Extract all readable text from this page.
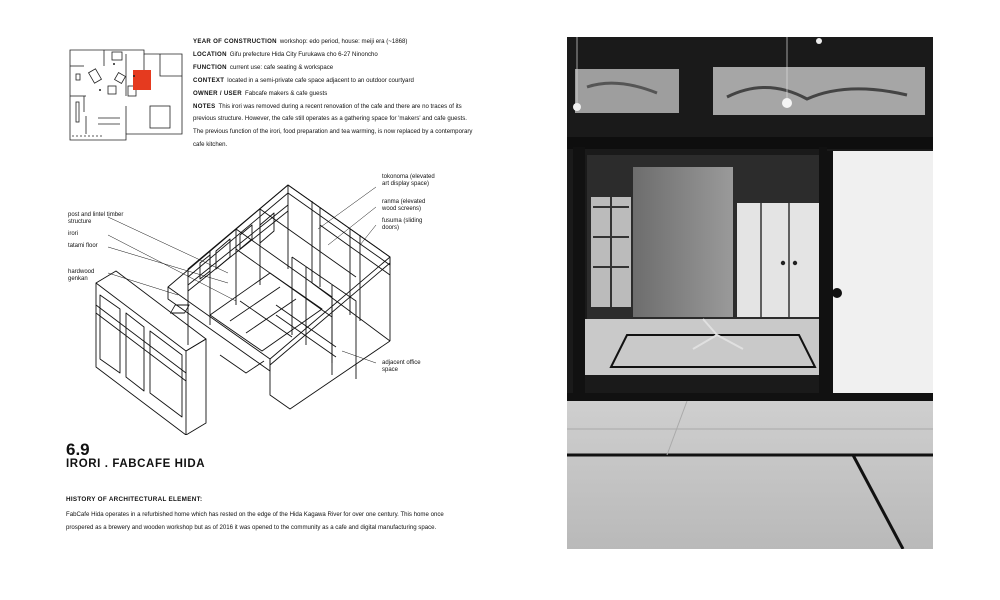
YEAR OF CONSTRUCTION workshop: edo period, house: meiji era (~1868)
LOCATION Gifu prefecture Hida City Furukawa cho 6-27 Ninoncho
FUNCTION current use: cafe seating & workspace
CONTEXT located in a semi-private cafe space adjacent to an outdoor courtyard
OWNER / USER Fabcafe makers & cafe guests
NOTES This irori was removed during a recent renovation of the cafe and there are no traces of its previous structure. However, the cafe still operates as a gathering space for 'makers' and cafe guests. The previous function of the irori, food preparation and tea warming, is now replaced by a contemporary cafe kitchen.
post and lintel timber structure
irori
tatami floor
hardwood genkan
tokonoma (elevated art display space)
ranma (elevated wood screens)
fusuma (sliding doors)
adjacent office space
6.9
IRORI . FABCAFE HIDA
HISTORY OF ARCHITECTURAL ELEMENT:
FabCafe Hida operates in a refurbished home which has rested on the edge of the Hida Kagawa River for over one century. This home once prospered as a brewery and wooden workshop but as of 2016 it was opened to the community as a cafe and digital manufacturing space.
